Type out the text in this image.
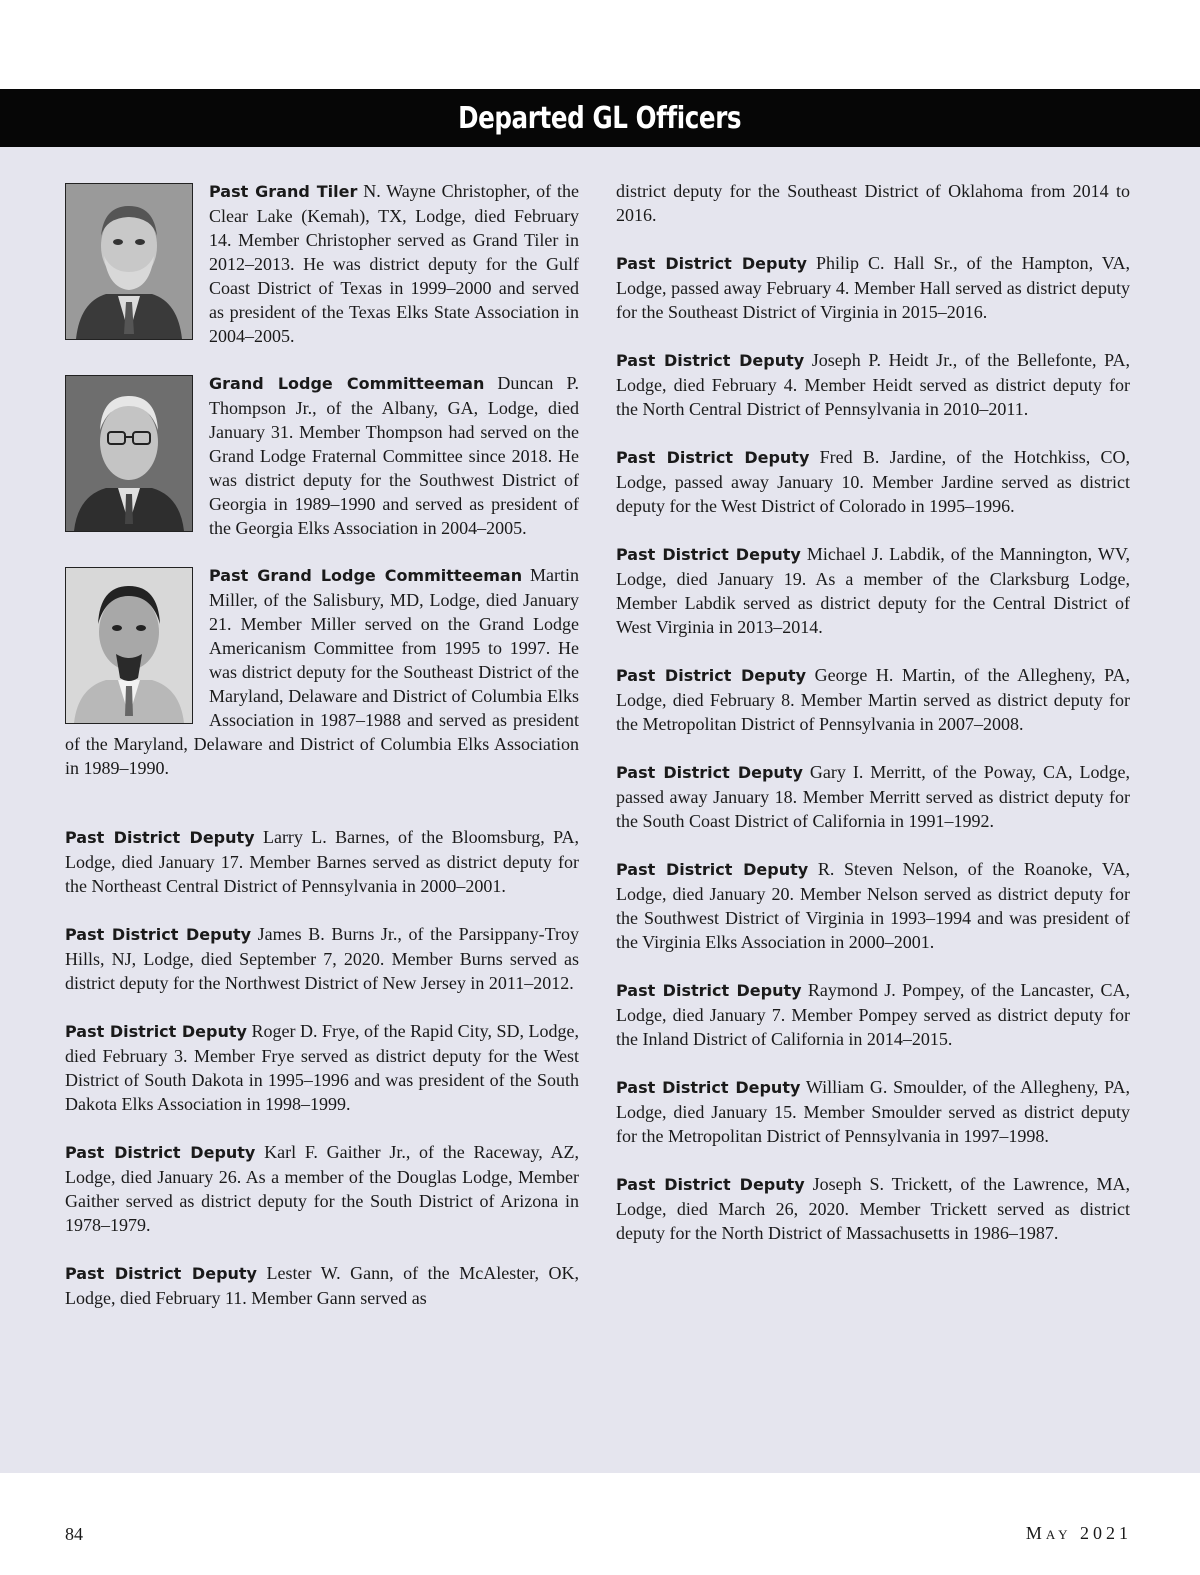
Departed GL Officers
Past Grand Tiler N. Wayne Christopher, of the Clear Lake (Kemah), TX, Lodge, died February 14. Member Christopher served as Grand Tiler in 2012–2013. He was district deputy for the Gulf Coast District of Texas in 1999–2000 and served as president of the Texas Elks State Association in 2004–2005.
Grand Lodge Committeeman Duncan P. Thompson Jr., of the Albany, GA, Lodge, died January 31. Member Thompson had served on the Grand Lodge Fraternal Committee since 2018. He was district deputy for the Southwest District of Georgia in 1989–1990 and served as president of the Georgia Elks Association in 2004–2005.
Past Grand Lodge Committeeman Martin Miller, of the Salisbury, MD, Lodge, died January 21. Member Miller served on the Grand Lodge Americanism Committee from 1995 to 1997. He was district deputy for the Southeast District of the Maryland, Delaware and District of Columbia Elks Association in 1987–1988 and served as president of the Maryland, Delaware and District of Columbia Elks Association in 1989–1990.
Past District Deputy Larry L. Barnes, of the Bloomsburg, PA, Lodge, died January 17. Member Barnes served as district deputy for the Northeast Central District of Pennsylvania in 2000–2001.
Past District Deputy James B. Burns Jr., of the Parsippany-Troy Hills, NJ, Lodge, died September 7, 2020. Member Burns served as district deputy for the Northwest District of New Jersey in 2011–2012.
Past District Deputy Roger D. Frye, of the Rapid City, SD, Lodge, died February 3. Member Frye served as district deputy for the West District of South Dakota in 1995–1996 and was president of the South Dakota Elks Association in 1998–1999.
Past District Deputy Karl F. Gaither Jr., of the Raceway, AZ, Lodge, died January 26. As a member of the Douglas Lodge, Member Gaither served as district deputy for the South District of Arizona in 1978–1979.
Past District Deputy Lester W. Gann, of the McAlester, OK, Lodge, died February 11. Member Gann served as
district deputy for the Southeast District of Oklahoma from 2014 to 2016.
Past District Deputy Philip C. Hall Sr., of the Hampton, VA, Lodge, passed away February 4. Member Hall served as district deputy for the Southeast District of Virginia in 2015–2016.
Past District Deputy Joseph P. Heidt Jr., of the Bellefonte, PA, Lodge, died February 4. Member Heidt served as district deputy for the North Central District of Pennsylvania in 2010–2011.
Past District Deputy Fred B. Jardine, of the Hotchkiss, CO, Lodge, passed away January 10. Member Jardine served as district deputy for the West District of Colorado in 1995–1996.
Past District Deputy Michael J. Labdik, of the Mannington, WV, Lodge, died January 19. As a member of the Clarksburg Lodge, Member Labdik served as district deputy for the Central District of West Virginia in 2013–2014.
Past District Deputy George H. Martin, of the Allegheny, PA, Lodge, died February 8. Member Martin served as district deputy for the Metropolitan District of Pennsylvania in 2007–2008.
Past District Deputy Gary I. Merritt, of the Poway, CA, Lodge, passed away January 18. Member Merritt served as district deputy for the South Coast District of California in 1991–1992.
Past District Deputy R. Steven Nelson, of the Roanoke, VA, Lodge, died January 20. Member Nelson served as district deputy for the Southwest District of Virginia in 1993–1994 and was president of the Virginia Elks Association in 2000–2001.
Past District Deputy Raymond J. Pompey, of the Lancaster, CA, Lodge, died January 7. Member Pompey served as district deputy for the Inland District of California in 2014–2015.
Past District Deputy William G. Smoulder, of the Allegheny, PA, Lodge, died January 15. Member Smoulder served as district deputy for the Metropolitan District of Pennsylvania in 1997–1998.
Past District Deputy Joseph S. Trickett, of the Lawrence, MA, Lodge, died March 26, 2020. Member Trickett served as district deputy for the North District of Massachusetts in 1986–1987.
84	May 2021
